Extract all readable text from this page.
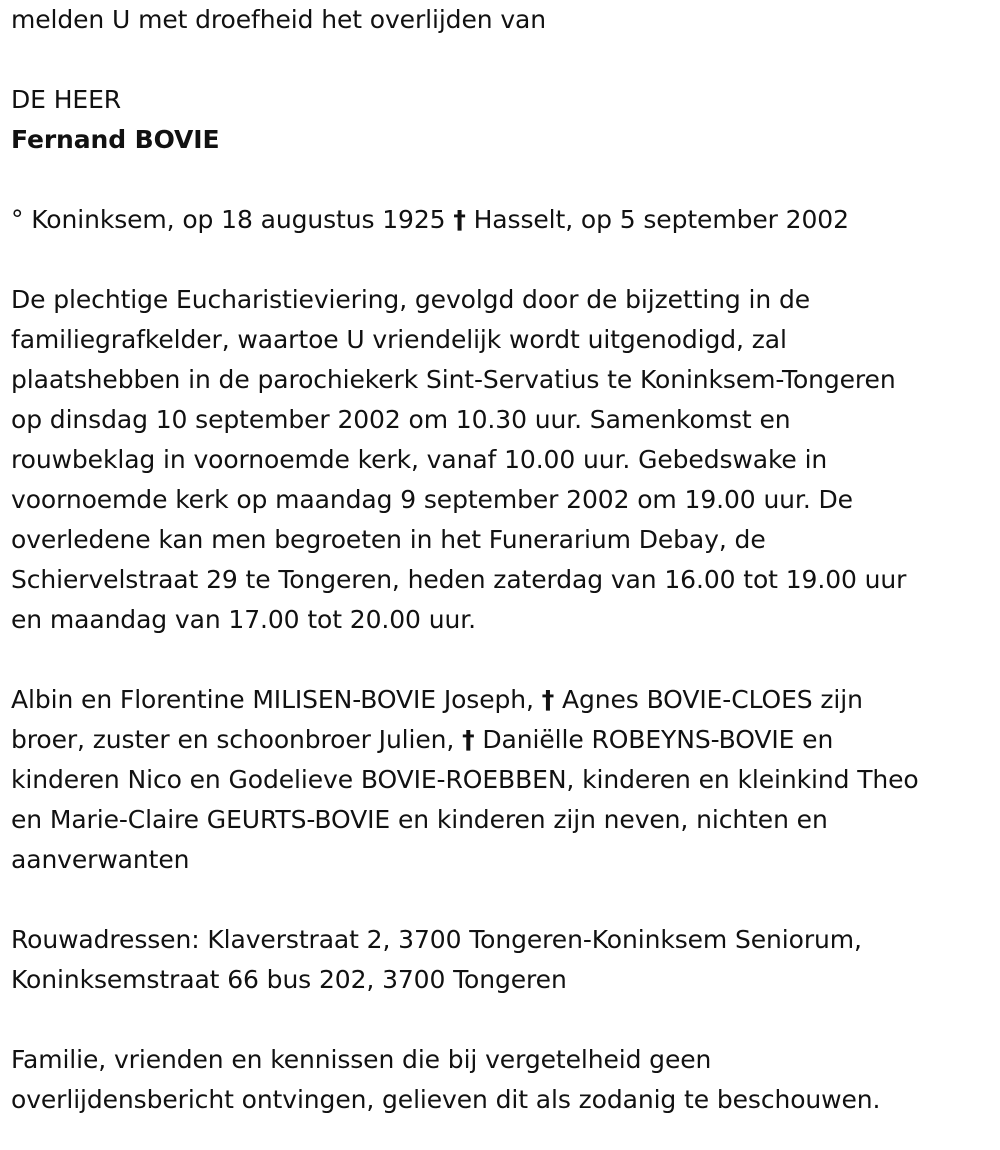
melden U met droefheid het overlijden van

DE HEER

Fernand BOVIE

° Koninksem, op 18 augustus 1925 † Hasselt, op 5 september 2002

De plechtige Eucharistieviering, gevolgd door de bijzetting in de

familiegrafkelder, waartoe U vriendelijk wordt uitgenodigd, zal

plaatshebben in de parochiekerk Sint-Servatius te Koninksem-Tongeren

op dinsdag 10 september 2002 om 10.30 uur. Samenkomst en

rouwbeklag in voornoemde kerk, vanaf 10.00 uur. Gebedswake in

voornoemde kerk op maandag 9 september 2002 om 19.00 uur. De

overledene kan men begroeten in het Funerarium Debay, de

Schiervelstraat 29 te Tongeren, heden zaterdag van 16.00 tot 19.00 uur

en maandag van 17.00 tot 20.00 uur.

Albin en Florentine MILISEN-BOVIE Joseph, † Agnes BOVIE-CLOES zijn

broer, zuster en schoonbroer Julien, † Daniëlle ROBEYNS-BOVIE en

kinderen Nico en Godelieve BOVIE-ROEBBEN, kinderen en kleinkind Theo

en Marie-Claire GEURTS-BOVIE en kinderen zijn neven, nichten en

aanverwanten

Rouwadressen: Klaverstraat 2, 3700 Tongeren-Koninksem Seniorum,

Koninksemstraat 66 bus 202, 3700 Tongeren

Familie, vrienden en kennissen die bij vergetelheid geen

overlijdensbericht ontvingen, gelieven dit als zodanig te beschouwen.
